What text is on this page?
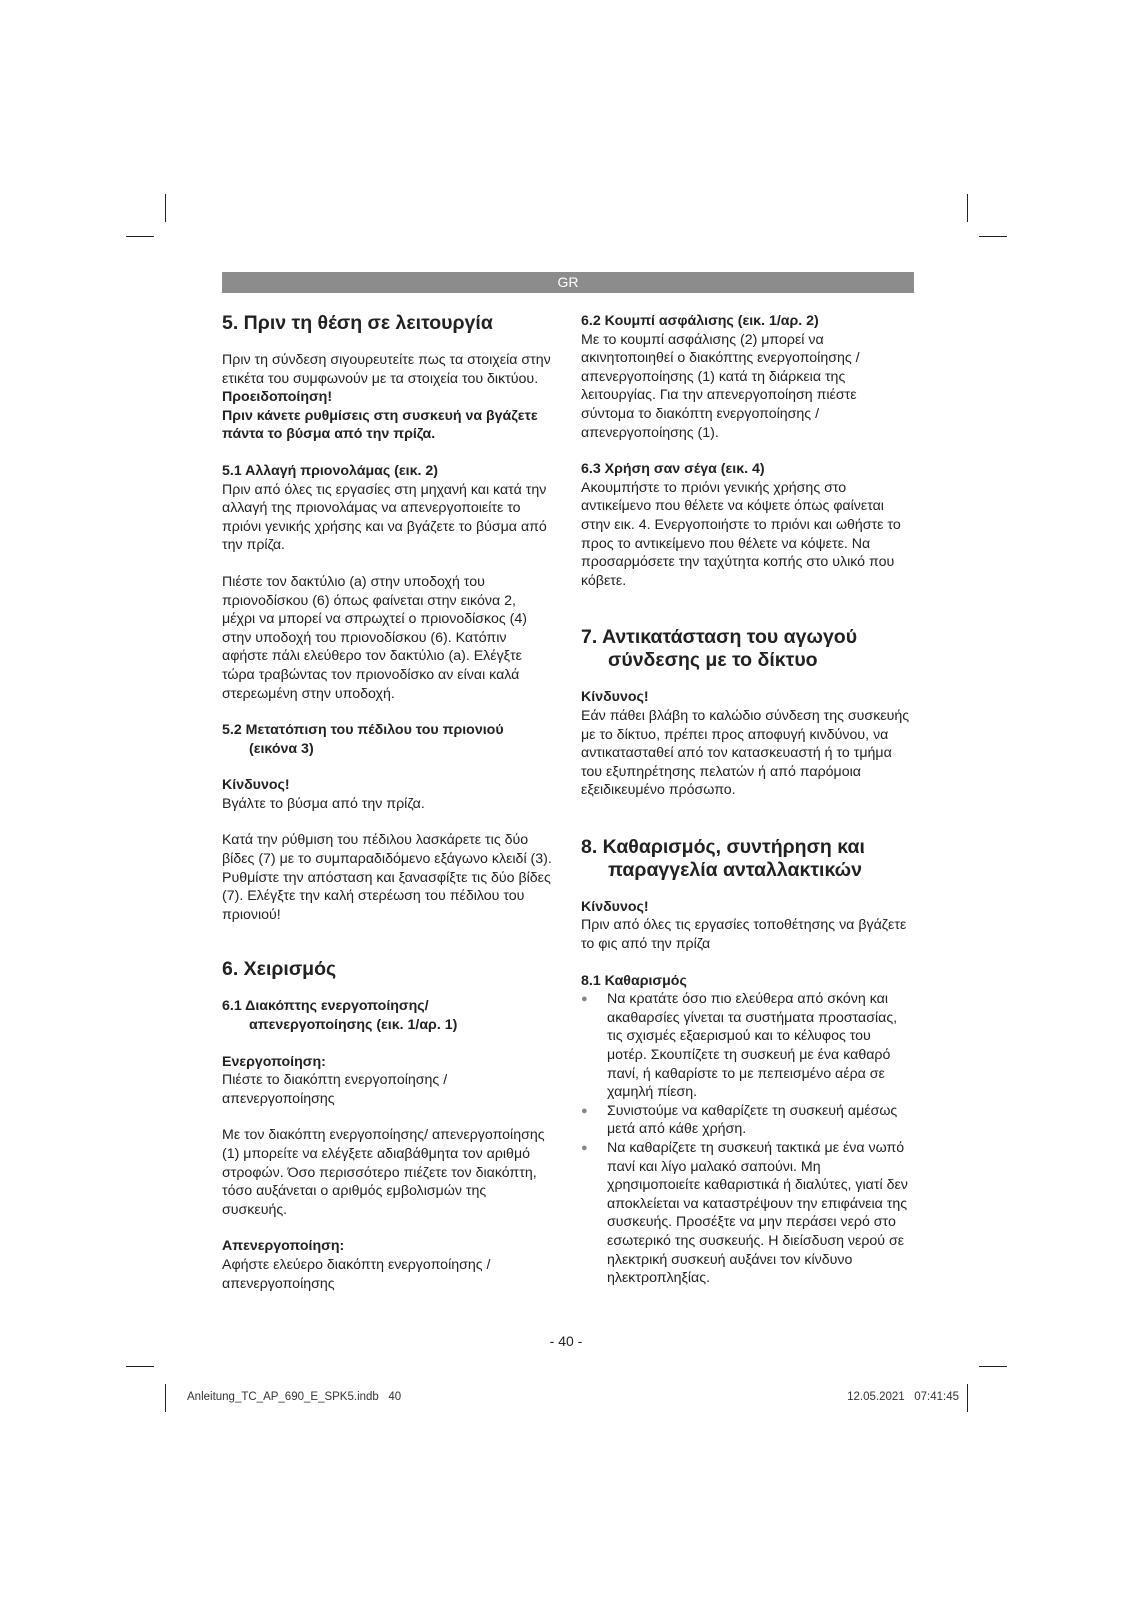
GR
5. Πριν τη θέση σε λειτουργία

Πριν τη σύνδεση σιγουρευτείτε πως τα στοιχεία στην ετικέτα του συμφωνούν με τα στοιχεία του δικτύου.

Προειδοποίηση!

Πριν κάνετε ρυθμίσεις στη συσκευή να βγάζετε πάντα το βύσμα από την πρίζα.

5.1 Αλλαγή πριονολάμας (εικ. 2)

Πριν από όλες τις εργασίες στη μηχανή και κατά την αλλαγή της πριονολάμας να απενεργοποιείτε το πριόνι γενικής χρήσης και να βγάζετε το βύσμα από την πρίζα.

Πιέστε τον δακτύλιο (a) στην υποδοχή του πριονοδίσκου (6) όπως φαίνεται στην εικόνα 2, μέχρι να μπορεί να σπρωχτεί ο πριονοδίσκος (4) στην υποδοχή του πριονοδίσκου (6). Κατόπιν αφήστε πάλι ελεύθερο τον δακτύλιο (a). Ελέγξτε τώρα τραβώντας τον πριονοδίσκο αν είναι καλά στερεωμένη στην υποδοχή.

5.2 Μετατόπιση του πέδιλου του πριονιού (εικόνα 3)

Κίνδυνος!

Βγάλτε το βύσμα από την πρίζα.

Κατά την ρύθμιση του πέδιλου λασκάρετε τις δύο βίδες (7) με το συμπαραδιδόμενο εξάγωνο κλειδί (3). Ρυθμίστε την απόσταση και ξανασφίξτε τις δύο βίδες (7). Ελέγξτε την καλή στερέωση του πέδιλου του πριονιού!

6. Χειρισμός
6.1 Διακόπτης ενεργοποίησης/ απενεργοποίησης (εικ. 1/αρ. 1)

Ενεργοποίηση:

Πιέστε το διακόπτη ενεργοποίησης / απενεργοποίησης

Με τον διακόπτη ενεργοποίησης/ απενεργοποίησης (1) μπορείτε να ελέγξετε αδιαβάθμητα τον αριθμό στροφών. Όσο περισσότερο πιέζετε τον διακόπτη, τόσο αυξάνεται ο αριθμός εμβολισμών της συσκευής.

Απενεργοποίηση:

Αφήστε ελεύερο διακόπτη ενεργοποίησης / απενεργοποίησης

6.2 Κουμπί ασφάλισης (εικ. 1/αρ. 2)

Με το κουμπί ασφάλισης (2) μπορεί να ακινητοποιηθεί ο διακόπτης ενεργοποίησης / απενεργοποίησης (1) κατά τη διάρκεια της λειτουργίας. Για την απενεργοποίηση πιέστε σύντομα το διακόπτη ενεργοποίησης / απενεργοποίησης (1).

6.3 Χρήση σαν σέγα (εικ. 4)

Ακουμπήστε το πριόνι γενικής χρήσης στο αντικείμενο που θέλετε να κόψετε όπως φαίνεται στην εικ. 4. Ενεργοποιήστε το πριόνι και ωθήστε το προς το αντικείμενο που θέλετε να κόψετε. Να προσαρμόσετε την ταχύτητα κοπής στο υλικό που κόβετε.

7. Αντικατάσταση του αγωγού σύνδεσης με το δίκτυο

Κίνδυνος!

Εάν πάθει βλάβη το καλώδιο σύνδεση της συσκευής με το δίκτυο, πρέπει προς αποφυγή κινδύνου, να αντικατασταθεί από τον κατασκευαστή ή το τμήμα του εξυπηρέτησης πελατών ή από παρόμοια εξειδικευμένο πρόσωπο.

8. Καθαρισμός, συντήρηση και παραγγελία ανταλλακτικών

Κίνδυνος!

Πριν από όλες τις εργασίες τοποθέτησης να βγάζετε το φις από την πρίζα

8.1 Καθαρισμός
● Να κρατάτε όσο πιο ελεύθερα από σκόνη και ακαθαρσίες γίνεται τα συστήματα προστασίας, τις σχισμές εξαερισμού και το κέλυφος του μοτέρ. Σκουπίζετε τη συσκευή με ένα καθαρό πανί, ή καθαρίστε το με πεπεισμένο αέρα σε χαμηλή πίεση.
● Συνιστούμε να καθαρίζετε τη συσκευή αμέσως μετά από κάθε χρήση.
● Να καθαρίζετε τη συσκευή τακτικά με ένα νωπό πανί και λίγο μαλακό σαπούνι. Μη χρησιμοποιείτε καθαριστικά ή διαλύτες, γιατί δεν αποκλείεται να καταστρέψουν την επιφάνεια της συσκευής. Προσέξτε να μην περάσει νερό στο εσωτερικό της συσκευής. Η διείσδυση νερού σε ηλεκτρική συσκευή αυξάνει τον κίνδυνο ηλεκτροπληξίας.
- 40 -
Anleitung_TC_AP_690_E_SPK5.indb   40	12.05.2021   07:41:45
